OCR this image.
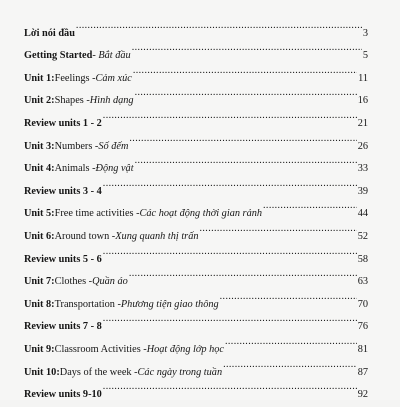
Lời nói đầu .....	3
Getting Started - Bắt đầu .....	5
Unit 1: Feelings - Cảm xúc .....	11
Unit 2: Shapes - Hình dạng .....	16
Review units 1 - 2 .....	21
Unit 3: Numbers - Số đếm .....	26
Unit 4: Animals - Động vật .....	33
Review units 3 - 4 .....	39
Unit 5: Free time activities - Các hoạt động thời gian rảnh .....	44
Unit 6: Around town - Xung quanh thị trấn .....	52
Review units 5 - 6 .....	58
Unit 7: Clothes - Quần áo .....	63
Unit 8: Transportation - Phương tiện giao thông .....	70
Review units 7 - 8 .....	76
Unit 9: Classroom Activities - Hoạt động lớp học .....	81
Unit 10: Days of the week - Các ngày trong tuần .....	87
Review units 9-10 .....	92
